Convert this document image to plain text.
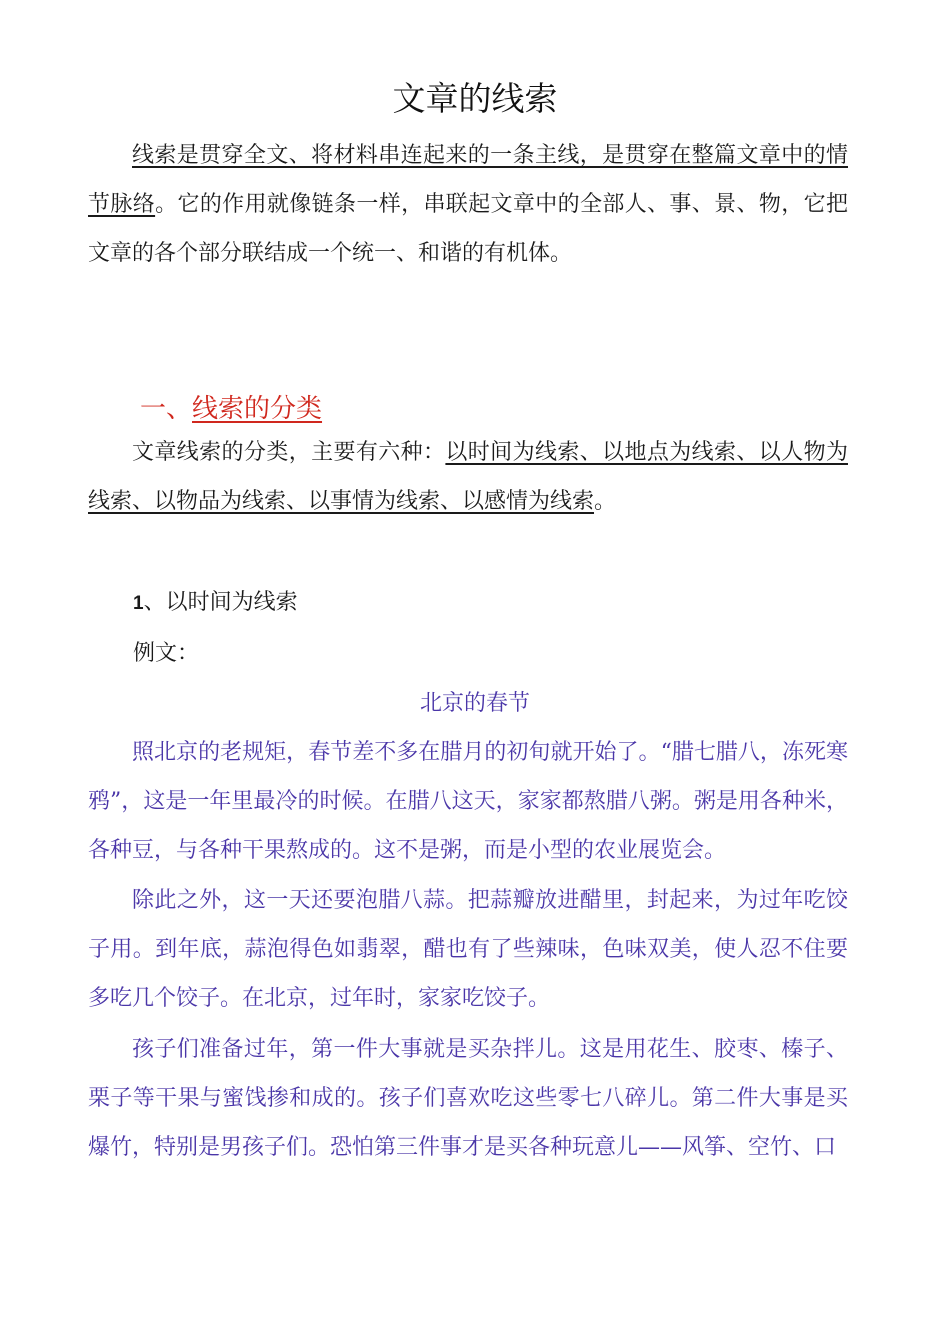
文章的线索

线索是贯穿全文、将材料串连起来的一条主线，是贯穿在整篇文章中的情节脉络。它的作用就像链条一样，串联起文章中的全部人、事、景、物，它把文章的各个部分联结成一个统一、和谐的有机体。

一、线索的分类

文章线索的分类，主要有六种：以时间为线索、以地点为线索、以人物为线索、以物品为线索、以事情为线索、以感情为线索。

1、以时间为线索
例文：
北京的春节

照北京的老规矩，春节差不多在腊月的初旬就开始了。“腊七腊八，冻死寒鸦”，这是一年里最冷的时候。在腊八这天，家家都熬腊八粥。粥是用各种米，各种豆，与各种干果熬成的。这不是粥，而是小型的农业展览会。

除此之外，这一天还要泡腊八蒜。把蒜瓣放进醋里，封起来，为过年吃饺子用。到年底，蒜泡得色如翡翠，醋也有了些辣味，色味双美，使人忍不住要多吃几个饺子。在北京，过年时，家家吃饺子。

孩子们准备过年，第一件大事就是买杂拌儿。这是用花生、胶枣、榛子、栗子等干果与蜜饯掺和成的。孩子们喜欢吃这些零七八碎儿。第二件大事是买爆竹，特别是男孩子们。恐怕第三件事才是买各种玩意儿——风筝、空竹、口
